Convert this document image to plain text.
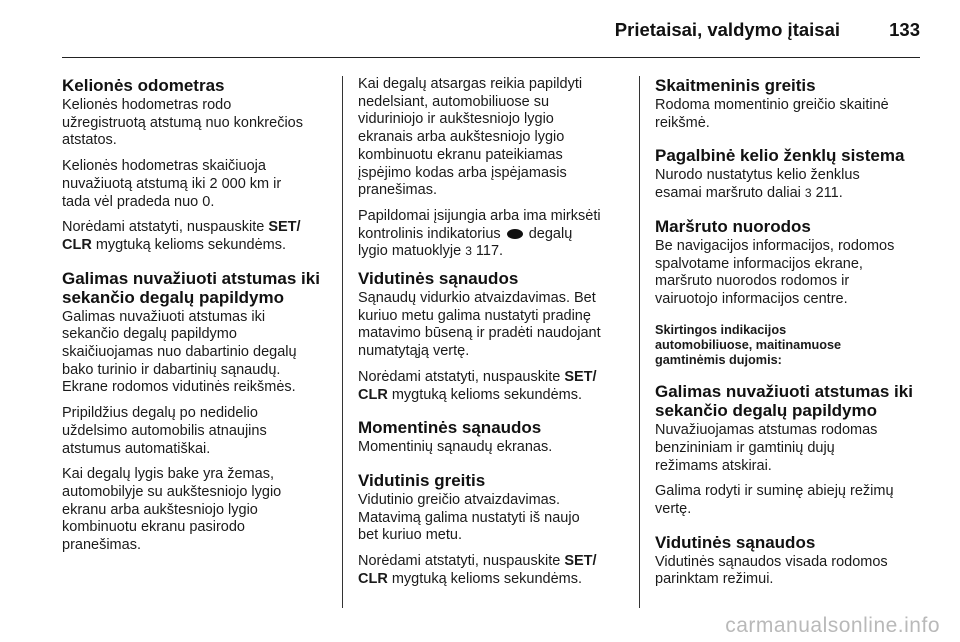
Prietaisai, valdymo įtaisai	133
Kelionės odometras

Kelionės hodometras rodo
užregistruotą atstumą nuo konkrečios
atstatos.

Kelionės hodometras skaičiuoja
nuvažiuotą atstumą iki 2 000 km ir
tada vėl pradeda nuo 0.

Norėdami atstatyti, nuspauskite SET/
CLR mygtuką kelioms sekundėms.

Galimas nuvažiuoti atstumas iki
sekančio degalų papildymo

Galimas nuvažiuoti atstumas iki
sekančio degalų papildymo
skaičiuojamas nuo dabartinio degalų
bako turinio ir dabartinių sąnaudų.
Ekrane rodomos vidutinės reikšmės.

Pripildžius degalų po nedidelio
uždelsimo automobilis atnaujins
atstumus automatiškai.

Kai degalų lygis bake yra žemas,
automobilyje su aukštesniojo lygio
ekranu arba aukštesniojo lygio
kombinuotu ekranu pasirodo
pranešimas.

Kai degalų atsargas reikia papildyti
nedelsiant, automobiliuose su
viduriniojo ir aukštesniojo lygio
ekranais arba aukštesniojo lygio
kombinuotu ekranu pateikiamas
įspėjimo kodas arba įspėjamasis
pranešimas.

Papildomai įsijungia arba ima mirksėti
kontrolinis indikatorius  degalų
lygio matuoklyje 3 117.

Vidutinės sąnaudos

Sąnaudų vidurkio atvaizdavimas. Bet
kuriuo metu galima nustatyti pradinę
matavimo būseną ir pradėti naudojant
numatytąją vertę.

Norėdami atstatyti, nuspauskite SET/
CLR mygtuką kelioms sekundėms.

Momentinės sąnaudos

Momentinių sąnaudų ekranas.

Vidutinis greitis

Vidutinio greičio atvaizdavimas.
Matavimą galima nustatyti iš naujo
bet kuriuo metu.

Norėdami atstatyti, nuspauskite SET/
CLR mygtuką kelioms sekundėms.

Skaitmeninis greitis

Rodoma momentinio greičio skaitinė
reikšmė.

Pagalbinė kelio ženklų sistema

Nurodo nustatytus kelio ženklus
esamai maršruto daliai 3 211.

Maršruto nuorodos

Be navigacijos informacijos, rodomos
spalvotame informacijos ekrane,
maršruto nuorodos rodomos ir
vairuotojo informacijos centre.

Skirtingos indikacijos
automobiliuose, maitinamuose
gamtinėmis dujomis:

Galimas nuvažiuoti atstumas iki
sekančio degalų papildymo

Nuvažiuojamas atstumas rodomas
benzininiam ir gamtinių dujų
režimams atskirai.

Galima rodyti ir suminę abiejų režimų
vertę.

Vidutinės sąnaudos

Vidutinės sąnaudos visada rodomos
parinktam režimui.

carmanualsonline.info
